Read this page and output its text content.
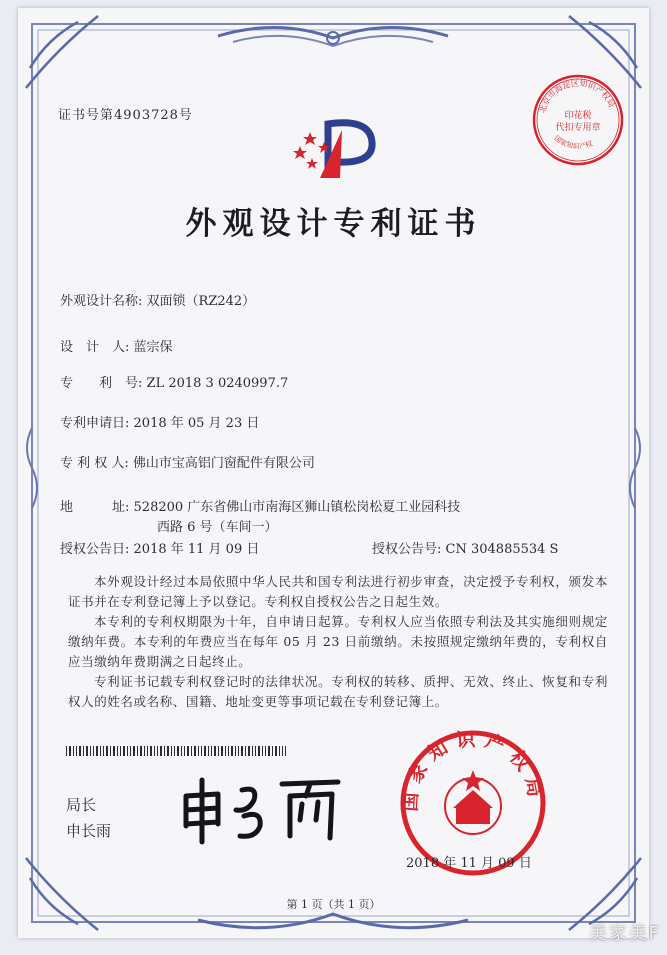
证书号第4903728号	北京市海淀区知识产权局
印花税
代扣专用章
国家知识产权
外观设计专利证书
外观设计名称: 双面锁（RZ242）
设　计　人: 蓝宗保
专　　利　号: ZL 2018 3 0240997.7
专利申请日: 2018 年 05 月 23 日
专 利 权 人: 佛山市宝高铝门窗配件有限公司
地　　　址: 528200 广东省佛山市南海区狮山镇松岗松夏工业园科技
西路 6 号（车间一）
授权公告日: 2018 年 11 月 09 日	授权公告号: CN 304885534 S
本外观设计经过本局依照中华人民共和国专利法进行初步审查，决定授予专利权，颁发本证书并在专利登记簿上予以登记。专利权自授权公告之日起生效。
本专利的专利权期限为十年，自申请日起算。专利权人应当依照专利法及其实施细则规定缴纳年费。本专利的年费应当在每年 05 月 23 日前缴纳。未按照规定缴纳年费的，专利权自应当缴纳年费期满之日起终止。
专利证书记载专利权登记时的法律状况。专利权的转移、质押、无效、终止、恢复和专利权人的姓名或名称、国籍、地址变更等事项记载在专利登记簿上。
局长
申长雨
国家知识产权局
2018 年 11 月 09 日
第 1 页（共 1 页）
美家美F
